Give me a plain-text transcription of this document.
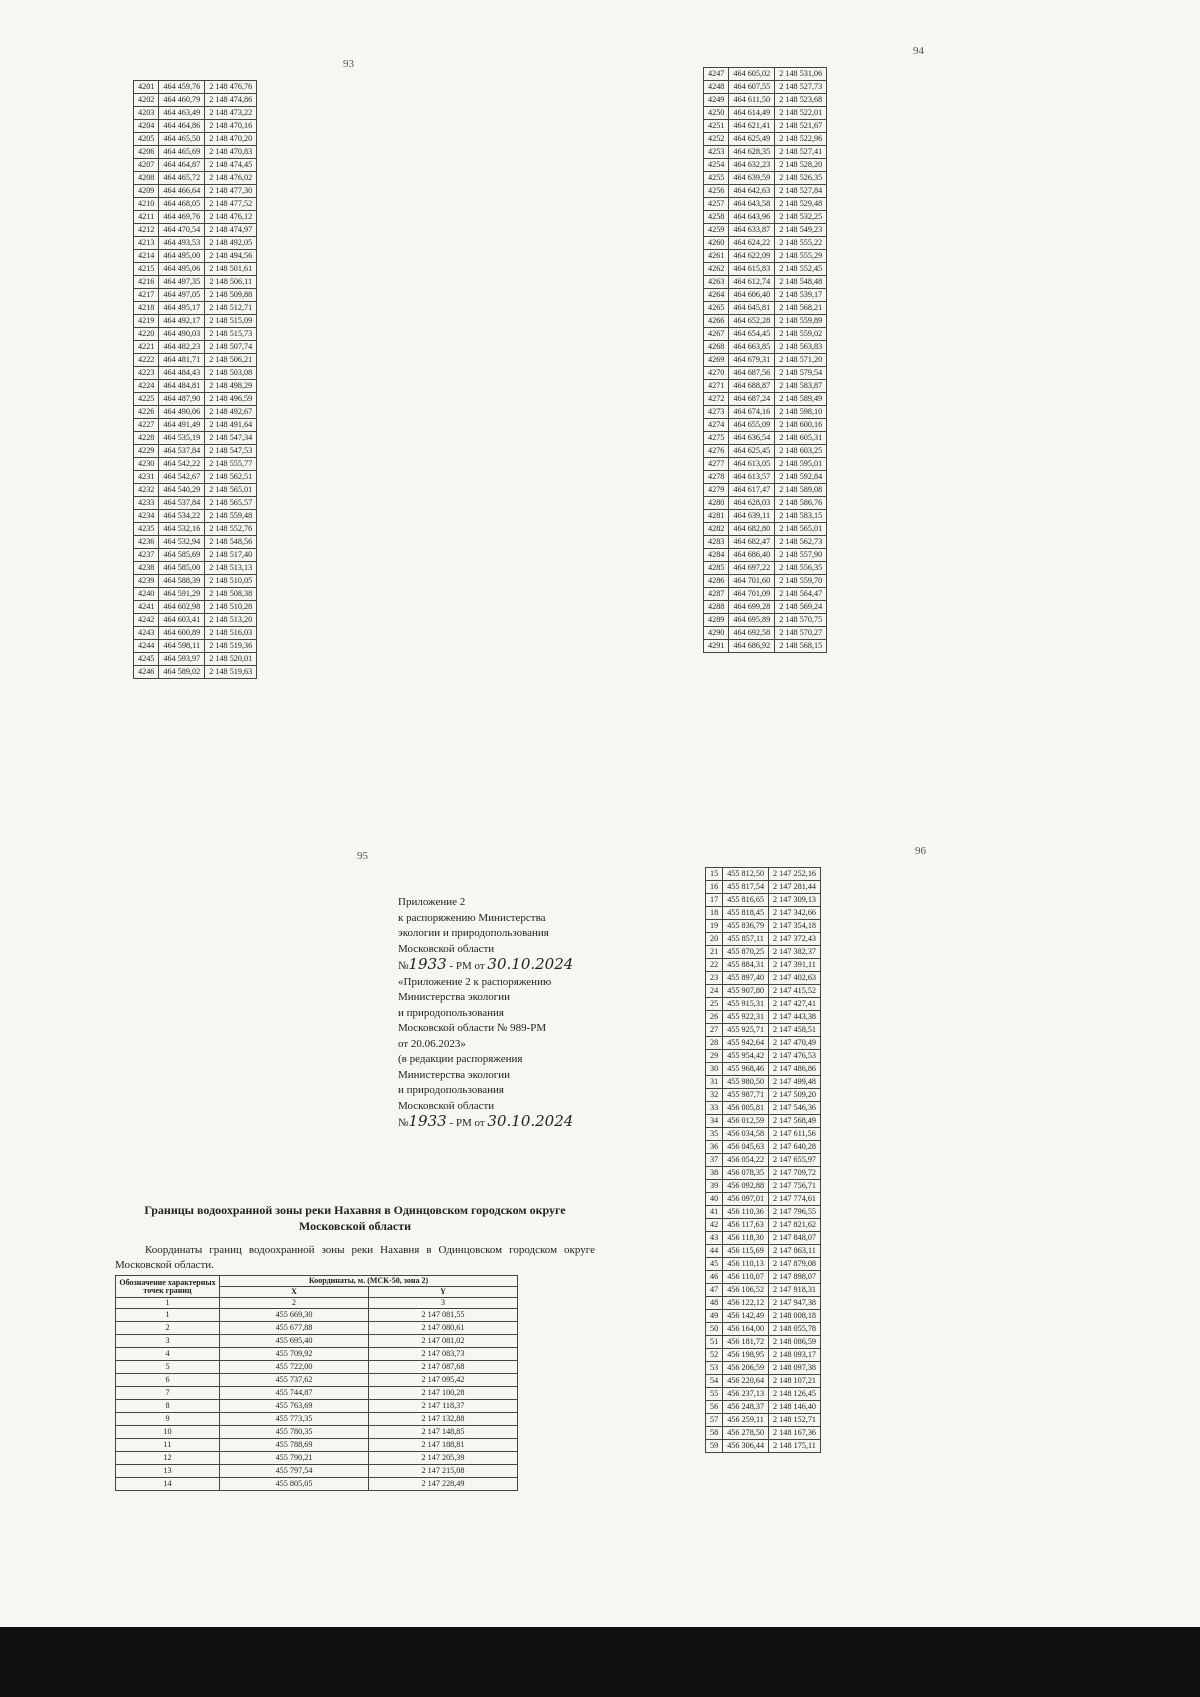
93
4201	464 459,76	2 148 476,76
4202	464 460,79	2 148 474,86
4203	464 463,49	2 148 473,22
4204	464 464,86	2 148 470,16
4205	464 465,50	2 148 470,20
4206	464 465,69	2 148 470,83
4207	464 464,87	2 148 474,45
4208	464 465,72	2 148 476,02
4209	464 466,64	2 148 477,30
4210	464 468,05	2 148 477,52
4211	464 469,76	2 148 476,12
4212	464 470,54	2 148 474,97
4213	464 493,53	2 148 492,05
4214	464 495,00	2 148 494,56
4215	464 495,06	2 148 501,61
4216	464 497,35	2 148 506,11
4217	464 497,05	2 148 509,88
4218	464 495,17	2 148 512,71
4219	464 492,17	2 148 515,09
4220	464 490,03	2 148 515,73
4221	464 482,23	2 148 507,74
4222	464 481,71	2 148 506,21
4223	464 484,43	2 148 503,08
4224	464 484,81	2 148 498,29
4225	464 487,90	2 148 496,59
4226	464 490,06	2 148 492,67
4227	464 491,49	2 148 491,64
4228	464 535,19	2 148 547,34
4229	464 537,84	2 148 547,53
4230	464 542,22	2 148 555,77
4231	464 542,67	2 148 562,51
4232	464 540,29	2 148 565,01
4233	464 537,84	2 148 565,57
4234	464 534,22	2 148 559,48
4235	464 532,16	2 148 552,76
4236	464 532,94	2 148 548,56
4237	464 585,69	2 148 517,40
4238	464 585,00	2 148 513,13
4239	464 588,39	2 148 510,05
4240	464 591,29	2 148 508,38
4241	464 602,98	2 148 510,28
4242	464 603,41	2 148 513,20
4243	464 600,89	2 148 516,03
4244	464 598,11	2 148 519,36
4245	464 593,97	2 148 520,01
4246	464 589,02	2 148 519,63
94
4247	464 605,02	2 148 531,06
4248	464 607,55	2 148 527,73
4249	464 611,50	2 148 523,68
4250	464 614,49	2 148 522,01
4251	464 621,41	2 148 521,67
4252	464 625,49	2 148 522,96
4253	464 628,35	2 148 527,41
4254	464 632,23	2 148 528,20
4255	464 639,59	2 148 526,35
4256	464 642,63	2 148 527,84
4257	464 643,58	2 148 529,48
4258	464 643,96	2 148 532,25
4259	464 633,87	2 148 549,23
4260	464 624,22	2 148 555,22
4261	464 622,09	2 148 555,29
4262	464 615,83	2 148 552,45
4263	464 612,74	2 148 548,48
4264	464 606,40	2 148 539,17
4265	464 645,81	2 148 568,21
4266	464 652,28	2 148 559,89
4267	464 654,45	2 148 559,02
4268	464 663,85	2 148 563,83
4269	464 679,31	2 148 571,20
4270	464 687,56	2 148 579,54
4271	464 688,87	2 148 583,87
4272	464 687,24	2 148 589,49
4273	464 674,16	2 148 598,10
4274	464 655,09	2 148 600,16
4275	464 636,54	2 148 605,31
4276	464 625,45	2 148 603,25
4277	464 613,05	2 148 595,01
4278	464 613,57	2 148 592,84
4279	464 617,47	2 148 589,08
4280	464 628,03	2 148 586,76
4281	464 639,11	2 148 583,15
4282	464 682,80	2 148 565,01
4283	464 682,47	2 148 562,73
4284	464 686,40	2 148 557,90
4285	464 697,22	2 148 556,35
4286	464 701,60	2 148 559,70
4287	464 701,09	2 148 564,47
4288	464 699,28	2 148 569,24
4289	464 695,89	2 148 570,75
4290	464 692,58	2 148 570,27
4291	464 686,92	2 148 568,15
95
Приложение 2
к распоряжению Министерства
экологии и природопользования
Московской области
№1933 - РМ от 30.10.2024
«Приложение 2 к распоряжению
Министерства экологии
и природопользования
Московской области № 989-РМ
от 20.06.2023»
(в редакции распоряжения
Министерства экологии
и природопользования
Московской области
№1933 - РМ от 30.10.2024
Границы водоохранной зоны реки Нахавня в Одинцовском городском округе Московской области
Координаты границ водоохранной зоны реки Нахавня в Одинцовском городском округе Московской области.
Обозначение характерных точек границ	Координаты, м. (МСК-50, зона 2)	
	X	Y
1	2	3
1	455 669,30	2 147 081,55
2	455 677,88	2 147 080,61
3	455 695,40	2 147 081,02
4	455 709,92	2 147 083,73
5	455 722,00	2 147 087,68
6	455 737,62	2 147 095,42
7	455 744,87	2 147 100,28
8	455 763,69	2 147 118,37
9	455 773,35	2 147 132,88
10	455 780,35	2 147 148,85
11	455 788,69	2 147 188,81
12	455 790,21	2 147 205,39
13	455 797,54	2 147 215,08
14	455 805,05	2 147 228,49
96
15	455 812,50	2 147 252,16
16	455 817,54	2 147 281,44
17	455 816,65	2 147 309,13
18	455 818,45	2 147 342,66
19	455 836,79	2 147 354,18
20	455 857,11	2 147 372,43
21	455 870,25	2 147 382,37
22	455 884,31	2 147 391,11
23	455 897,40	2 147 402,63
24	455 907,80	2 147 415,52
25	455 915,31	2 147 427,41
26	455 922,31	2 147 443,38
27	455 925,71	2 147 458,51
28	455 942,64	2 147 470,49
29	455 954,42	2 147 476,53
30	455 968,46	2 147 486,86
31	455 980,50	2 147 499,48
32	455 987,71	2 147 509,20
33	456 005,81	2 147 546,36
34	456 012,59	2 147 568,49
35	456 034,58	2 147 611,56
36	456 045,63	2 147 640,28
37	456 054,22	2 147 655,97
38	456 078,35	2 147 709,72
39	456 092,88	2 147 756,71
40	456 097,01	2 147 774,61
41	456 110,36	2 147 796,55
42	456 117,63	2 147 821,62
43	456 118,30	2 147 848,07
44	456 115,69	2 147 863,11
45	456 110,13	2 147 879,08
46	456 110,07	2 147 898,07
47	456 106,52	2 147 918,31
48	456 122,12	2 147 947,38
49	456 142,49	2 148 008,18
50	456 164,00	2 148 055,78
51	456 181,72	2 148 086,59
52	456 198,95	2 148 093,17
53	456 206,59	2 148 097,38
54	456 220,64	2 148 107,21
55	456 237,13	2 148 126,45
56	456 248,37	2 148 146,40
57	456 259,11	2 148 152,71
58	456 278,50	2 148 167,36
59	456 306,44	2 148 175,11
